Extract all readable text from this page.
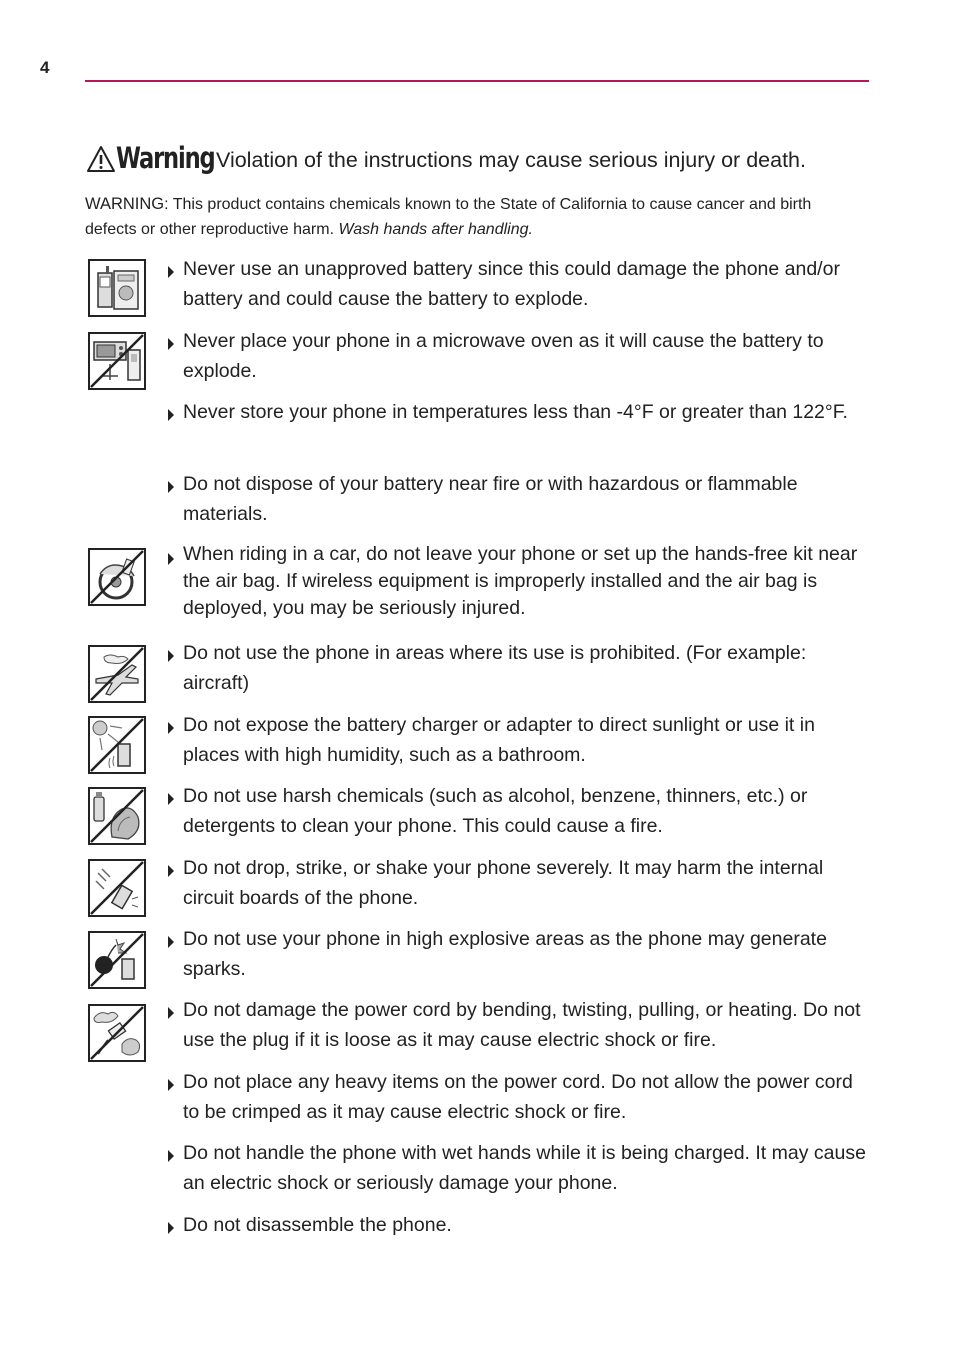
4
Warning Violation of the instructions may cause serious injury or death.
WARNING: This product contains chemicals known to the State of California to cause cancer and birth defects or other reproductive harm. Wash hands after handling.
Never use an unapproved battery since this could damage the phone and/or battery and could cause the battery to explode.
Never place your phone in a microwave oven as it will cause the battery to explode.
Never store your phone in temperatures less than -4°F or greater than 122°F.
Do not dispose of your battery near fire or with hazardous or flammable materials.
When riding in a car, do not leave your phone or set up the hands-free kit near the air bag. If wireless equipment is improperly installed and the air bag is deployed, you may be seriously injured.
Do not use the phone in areas where its use is prohibited. (For example: aircraft)
Do not expose the battery charger or adapter to direct sunlight or use it in places with high humidity, such as a bathroom.
Do not use harsh chemicals (such as alcohol, benzene, thinners, etc.) or detergents to clean your phone. This could cause a fire.
Do not drop, strike, or shake your phone severely. It may harm the internal circuit boards of the phone.
Do not use your phone in high explosive areas as the phone may generate sparks.
Do not damage the power cord by bending, twisting, pulling, or heating. Do not use the plug if it is loose as it may cause electric shock or fire.
Do not place any heavy items on the power cord. Do not allow the power cord to be crimped as it may cause electric shock or fire.
Do not handle the phone with wet hands while it is being charged. It may cause an electric shock or seriously damage your phone.
Do not disassemble the phone.
